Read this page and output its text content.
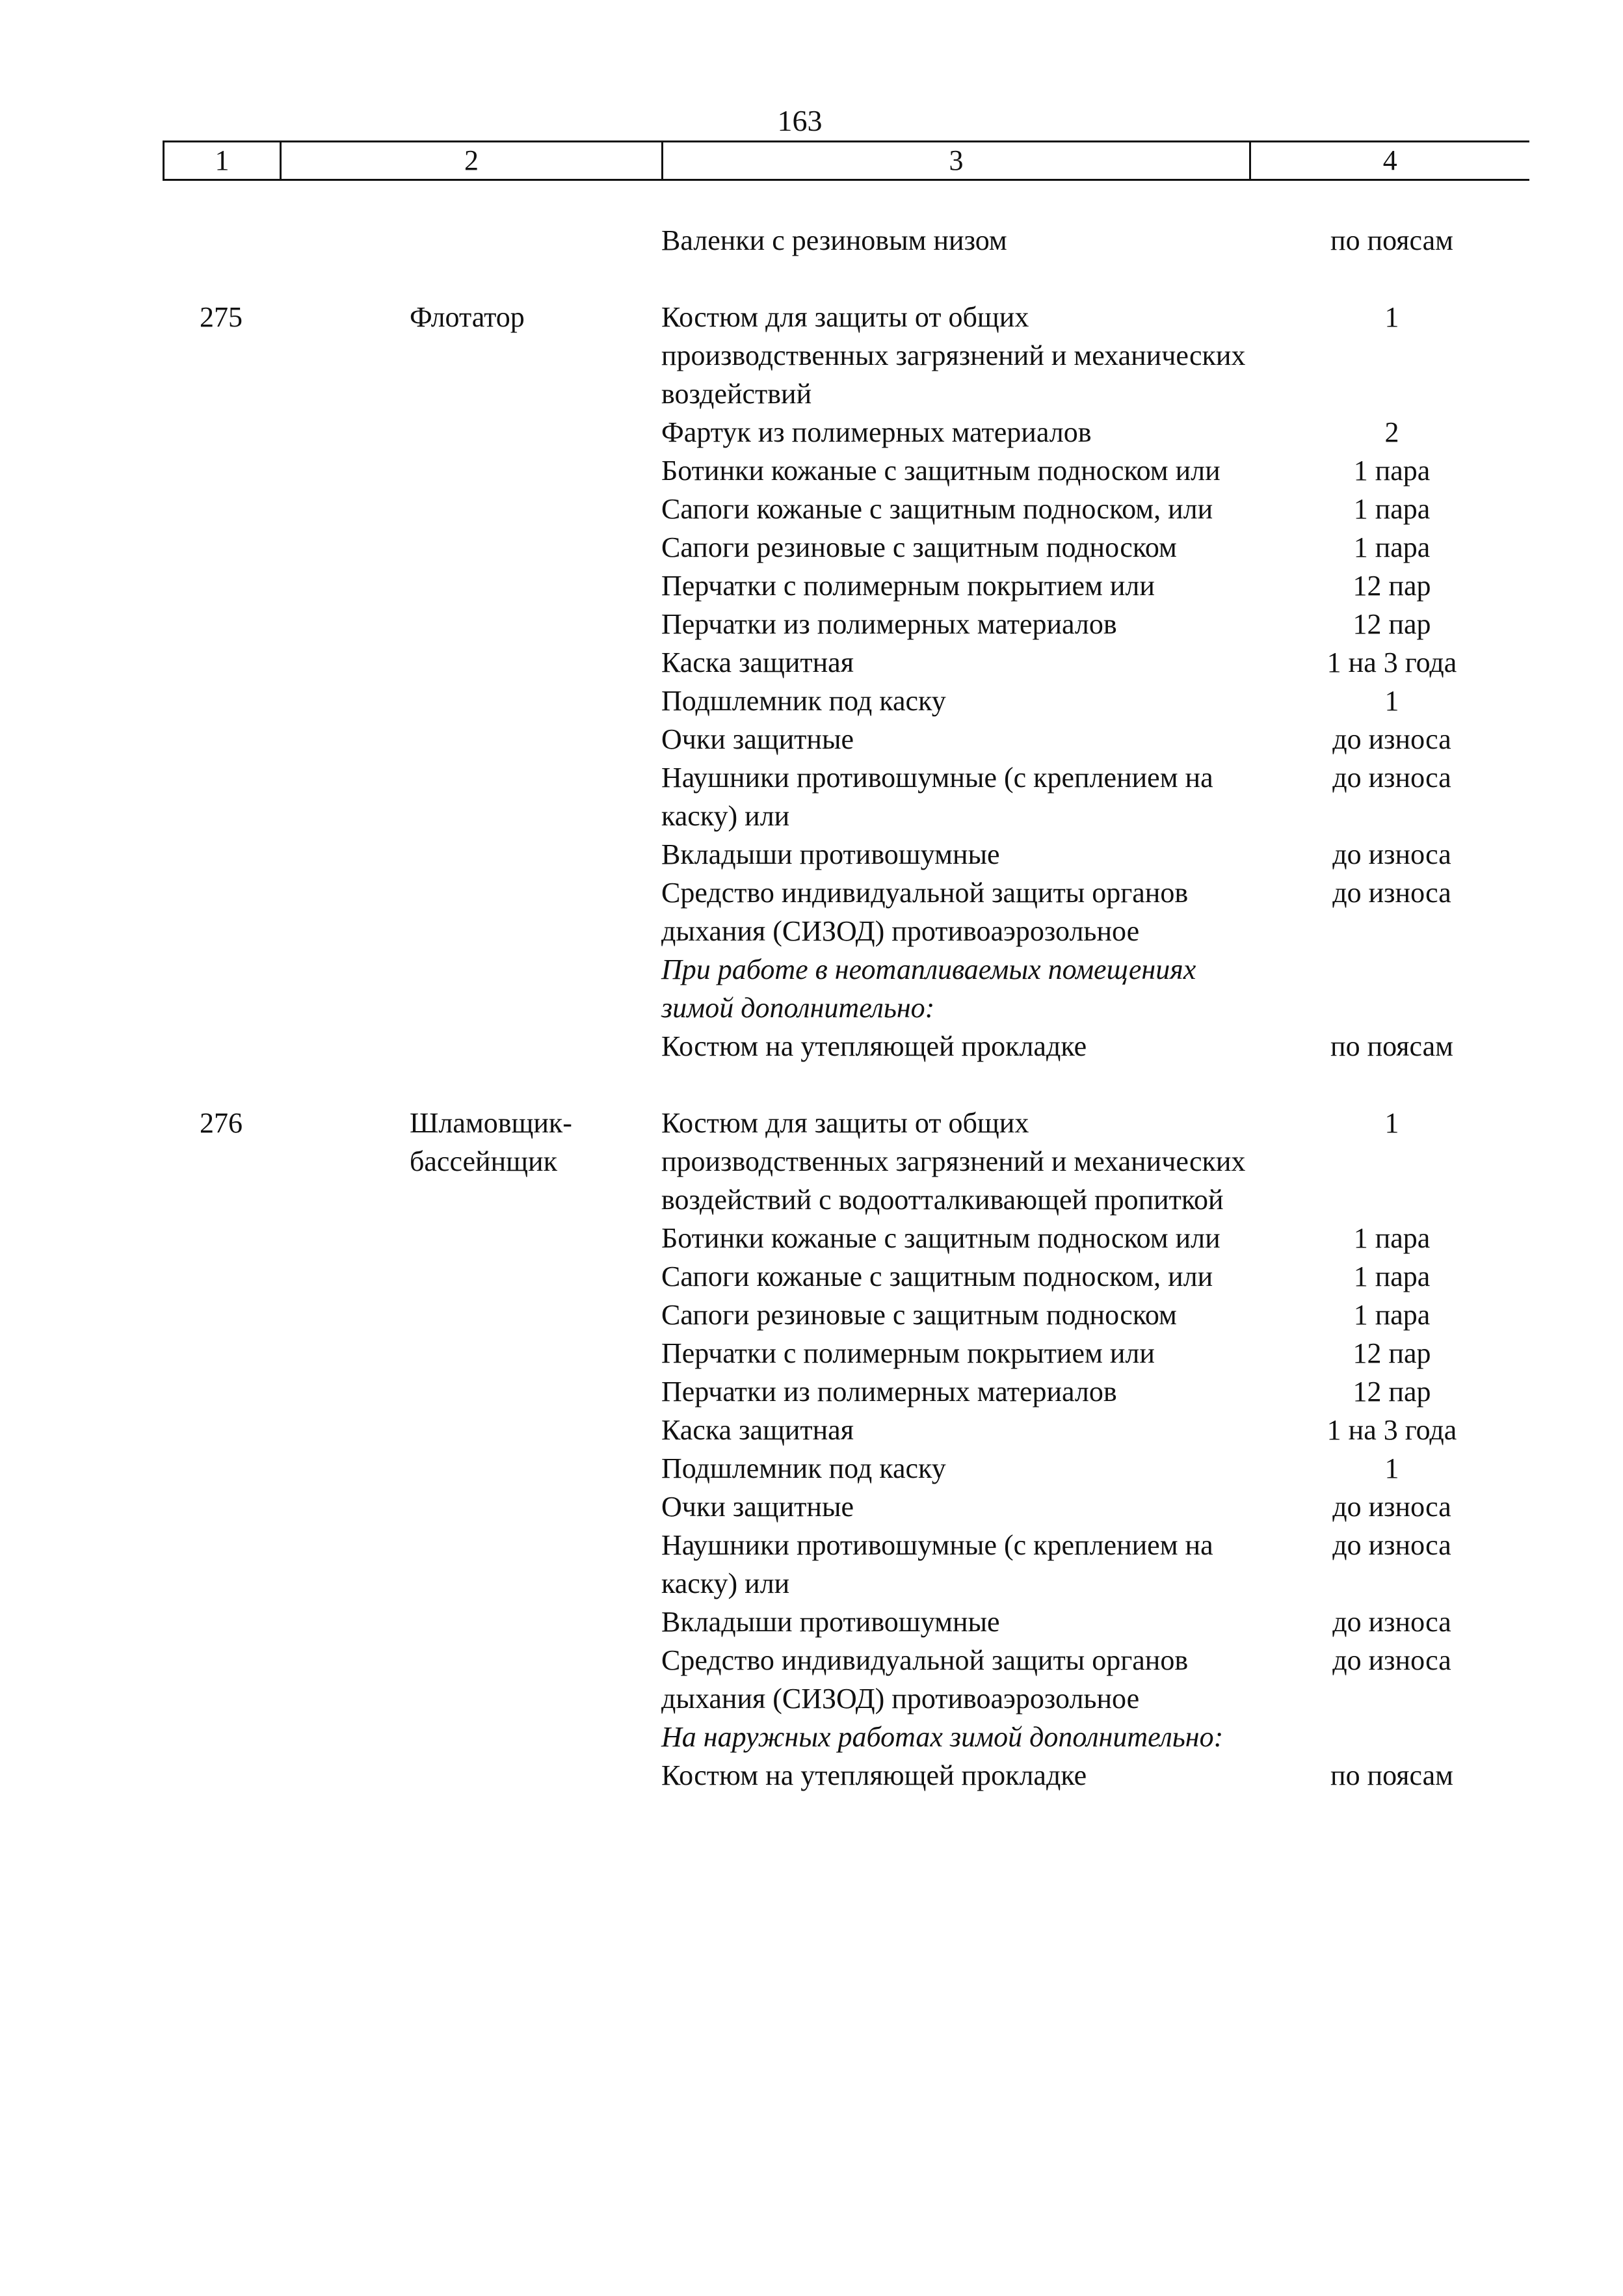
163
1	2	3	4
		Валенки с резиновым низом	по поясам

275	Флотатор	Костюм для защиты от общих производственных загрязнений и механических воздействий	1
		Фартук из полимерных материалов	2
		Ботинки кожаные с защитным подноском или	1 пара
		Сапоги кожаные с защитным подноском, или	1 пара
		Сапоги резиновые с защитным подноском	1 пара
		Перчатки с полимерным покрытием или	12 пар
		Перчатки из полимерных материалов	12 пар
		Каска защитная	1 на 3 года
		Подшлемник под каску	1
		Очки защитные	до износа
		Наушники противошумные (с креплением на каску) или	до износа
		Вкладыши противошумные	до износа
		Средство индивидуальной защиты органов дыхания (СИЗОД) противоаэрозольное	до износа
		При работе в неотапливаемых помещениях зимой дополнительно:	
		Костюм на утепляющей прокладке	по поясам

276	Шламовщик-бассейнщик	Костюм для защиты от общих производственных загрязнений и механических воздействий с водоотталкивающей пропиткой	1
		Ботинки кожаные с защитным подноском или	1 пара
		Сапоги кожаные с защитным подноском, или	1 пара
		Сапоги резиновые с защитным подноском	1 пара
		Перчатки с полимерным покрытием или	12 пар
		Перчатки из полимерных материалов	12 пар
		Каска защитная	1 на 3 года
		Подшлемник под каску	1
		Очки защитные	до износа
		Наушники противошумные (с креплением на каску) или	до износа
		Вкладыши противошумные	до износа
		Средство индивидуальной защиты органов дыхания (СИЗОД) противоаэрозольное	до износа
		На наружных работах зимой дополнительно:	
		Костюм на утепляющей прокладке	по поясам
